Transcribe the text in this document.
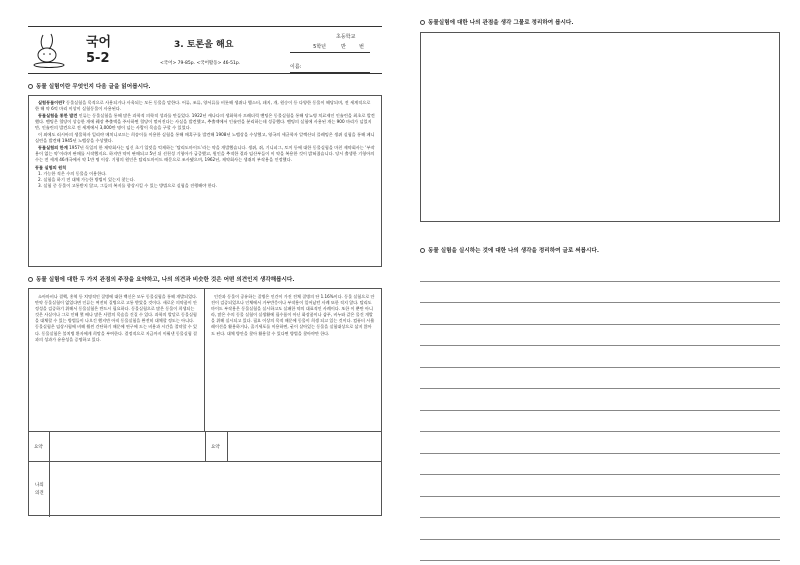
국어
5-2
3. 토론을 해요
<국어> 79-85p. <국어활동> 46-51p.
초등학교
5학년	반	번
이름:
동물 실험이란 무엇인지 다음 글을 읽어봅시다.

실험동물이란? 동물실험을 목적으로 사용되거나 사육되는 모든 동물을 말한다. 어류, 조류, 양서류를 비롯해 생쥐나 햄스터, 돼지, 개, 원숭이 등 다양한 동물이 해당되며, 전 세계적으로 한 해 약 6억 마리 이상이 실험동물이 사용된다.

동물실험을 통한 발견 인류는 동물실험을 통해 많은 과학적 의학적 성과를 만들었다. 1922년 캐나다의 생화학자 프레더릭 밴팅은 동물실험을 통해 당뇨병 치료제인 인슐린을 최초로 발견했다. 밴팅은 혈당이 상승한 개에 췌장 추출액을 주사하면 혈당이 떨어진다는 사실을 발견했고, 추출액에서 인슐린을 분리하는데 성공했다. 밴팅의 실험에 사용된 개는 900 마리가 넘었지만, 인슐린의 발견으로 전 세계에서 3,000만 명이 넘는 사람이 목숨을 구할 수 있었다.

이 외에도 러시아의 생물학자 일리야 메치니코프는 희송이를 이용한 실험을 통해 매혹구를 발견해 1908년 노벨상을 수상했고, 영국의 세균학자 알렉산더 플레밍은 생쥐 실험을 통해 페니실린을 발견해 1945년 노벨상을 수상했다.

동물실험의 한계 1957년 독일의 한 제약회사는 임신 초기 입덧을 억제하는 ‘탈리도마이드’라는 약을 개발했습니다. 생쥐, 쥐, 기니피그, 토끼 등에 대한 동물실험을 마친 제약회사는 ‘부작용이 없는 약’이라며 판매를 시작했지요. 하지만 약이 판매되고 5년 뒤 선천성 기형아가 급증했고, 원인을 추적한 결과 임산부들이 이 약을 복용한 것이 밝혀졌습니다. 당시 출생한 기형아의 수는 전 세계 46개국에서 약 1만 명 이상. 기형의 원인은 탈리도마이드 때문으로 조사됐으며, 1962년, 제약회사는 생쥐의 부작용을 인정했다.

동물 실험의 원칙
1. 가능한 적은 수의 동물을 이용한다.
2. 실험을 하기 전 대체 가능한 방법이 있는지 찾는다.
3. 실험 중 동물이 고통받지 않고, 그들의 복지를 향상시킬 수 있는 방법으로 실험을 진행해야 한다.
동물 실험에 대한 두 가지 관점의 주장을 요약하고, 나의 의견과 비슷한 것은 어떤 의견인지 생각해봅시다.
소아마비나 결핵, 홍역 등 치명적인 질병에 대한 백신은 모두 동물실험을 통해 개발되었다. 만약 동물실험이 없었다면 인류는 여전히 질병으로 고통 받았을 것이다. 새로운 의약품이 안정성을 검증하기 위해서 동물실험은 반드시 필요하다. 동물실험으로 많은 동물이 희생되는 것은 사실이나 그로 인해 몇 배나 많은 사람의 목숨을 건질 수 있다. 과학의 발달로 동물실험을 대체할 수 있는 방법들이 나오긴 했지만 아직 동물실험을 완전히 대체할 정도는 아니다. 동물실험은 임상시험에 비해 훨씬 간단하기 때문에 연구에 드는 비용과 시간을 절약할 수 있다. 동물실험은 불치병 환자에게 희망을 부여한다. 결정적으로 지금까지 이뤄낸 동물실험 결과의 성과가 유용성을 증명하고 있다.
인간과 동물이 공유하는 질병은 인간이 가진 전체 질병의 단 1.16%이다. 동물 실험으로 안전이 검증되었으나 인체에서 거부반응이나 부작용이 일어났던 사례 또한 적지 않다. 탈리도마이드 부작용은 동물실험을 실시하고도 실패한 약의 대표적인 사례이다. 또한 이 뿐만 아니라, 많은 수의 동물 실험이 실생활에 필수품이 아닌 화장품이나 샴푸, 비누와 같은 물건 개발을 위해 실시되고 있다. 필요 이상의 목적 때문에 동물이 희생 되고 있는 것이다. 컴퓨터 시뮬레이션을 활용하거나, 줄기세포를 이용하면, 굳이 살아있는 동물을 실험대상으로 삼지 않아도 된다. 대체 방안을 찾아 활용할 수 있다면 방법을 찾아야만 한다.
요약	요약
나의
의견
동물실험에 대한 나의 관점을 생각 그물로 정리하여 봅시다.
동물 실험을 실시하는 것에 대한 나의 생각을 정리하여 글로 써봅시다.
